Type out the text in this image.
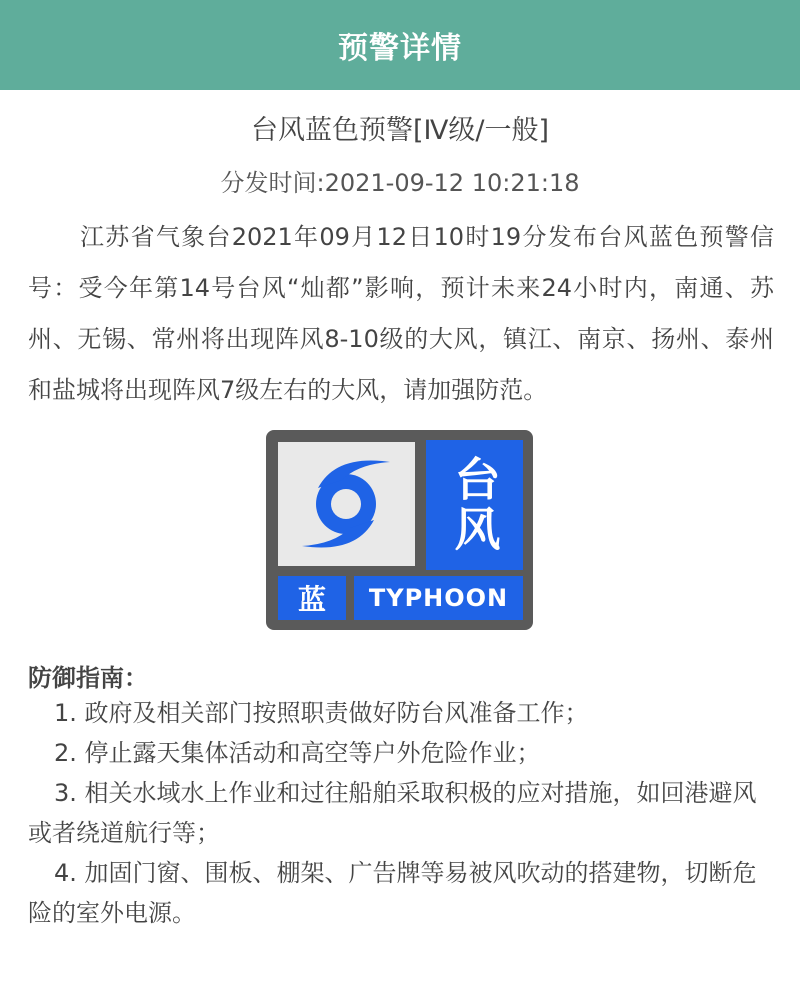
预警详情
台风蓝色预警[Ⅳ级/一般]
分发时间:2021-09-12 10:21:18
江苏省气象台2021年09月12日10时19分发布台风蓝色预警信号：受今年第14号台风“灿都”影响，预计未来24小时内，南通、苏州、无锡、常州将出现阵风8-10级的大风，镇江、南京、扬州、泰州和盐城将出现阵风7级左右的大风，请加强防范。
台风
蓝 TYPHOON
防御指南：
1. 政府及相关部门按照职责做好防台风准备工作；
2. 停止露天集体活动和高空等户外危险作业；
3. 相关水域水上作业和过往船舶采取积极的应对措施，如回港避风或者绕道航行等；
4. 加固门窗、围板、棚架、广告牌等易被风吹动的搭建物，切断危险的室外电源。
